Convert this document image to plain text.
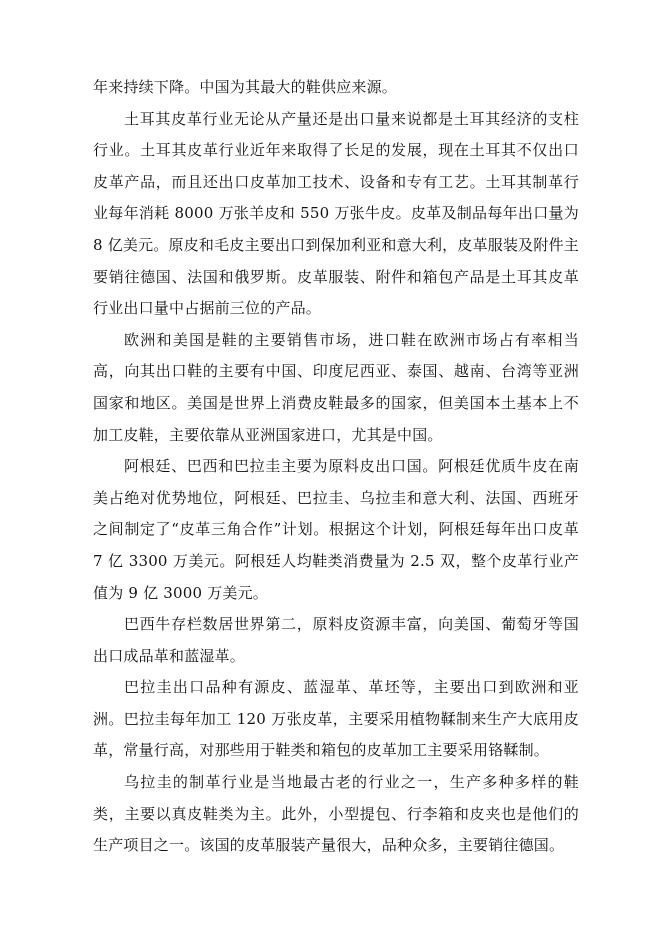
年来持续下降。中国为其最大的鞋供应来源。

土耳其皮革行业无论从产量还是出口量来说都是土耳其经济的支柱行业。土耳其皮革行业近年来取得了长足的发展，现在土耳其不仅出口皮革产品，而且还出口皮革加工技术、设备和专有工艺。土耳其制革行业每年消耗 8000 万张羊皮和 550 万张牛皮。皮革及制品每年出口量为 8 亿美元。原皮和毛皮主要出口到保加利亚和意大利，皮革服装及附件主要销往德国、法国和俄罗斯。皮革服装、附件和箱包产品是土耳其皮革行业出口量中占据前三位的产品。

欧洲和美国是鞋的主要销售市场，进口鞋在欧洲市场占有率相当高，向其出口鞋的主要有中国、印度尼西亚、泰国、越南、台湾等亚洲国家和地区。美国是世界上消费皮鞋最多的国家，但美国本土基本上不加工皮鞋，主要依靠从亚洲国家进口，尤其是中国。

阿根廷、巴西和巴拉圭主要为原料皮出口国。阿根廷优质牛皮在南美占绝对优势地位，阿根廷、巴拉圭、乌拉圭和意大利、法国、西班牙之间制定了“皮革三角合作”计划。根据这个计划，阿根廷每年出口皮革 7 亿 3300 万美元。阿根廷人均鞋类消费量为 2.5 双，整个皮革行业产值为 9 亿 3000 万美元。

巴西牛存栏数居世界第二，原料皮资源丰富，向美国、葡萄牙等国出口成品革和蓝湿革。

巴拉圭出口品种有源皮、蓝湿革、革坯等，主要出口到欧洲和亚洲。巴拉圭每年加工 120 万张皮革，主要采用植物鞣制来生产大底用皮革，常量行高，对那些用于鞋类和箱包的皮革加工主要采用铬鞣制。

乌拉圭的制革行业是当地最古老的行业之一，生产多种多样的鞋类，主要以真皮鞋类为主。此外，小型提包、行李箱和皮夹也是他们的生产项目之一。该国的皮革服装产量很大，品种众多，主要销往德国。
